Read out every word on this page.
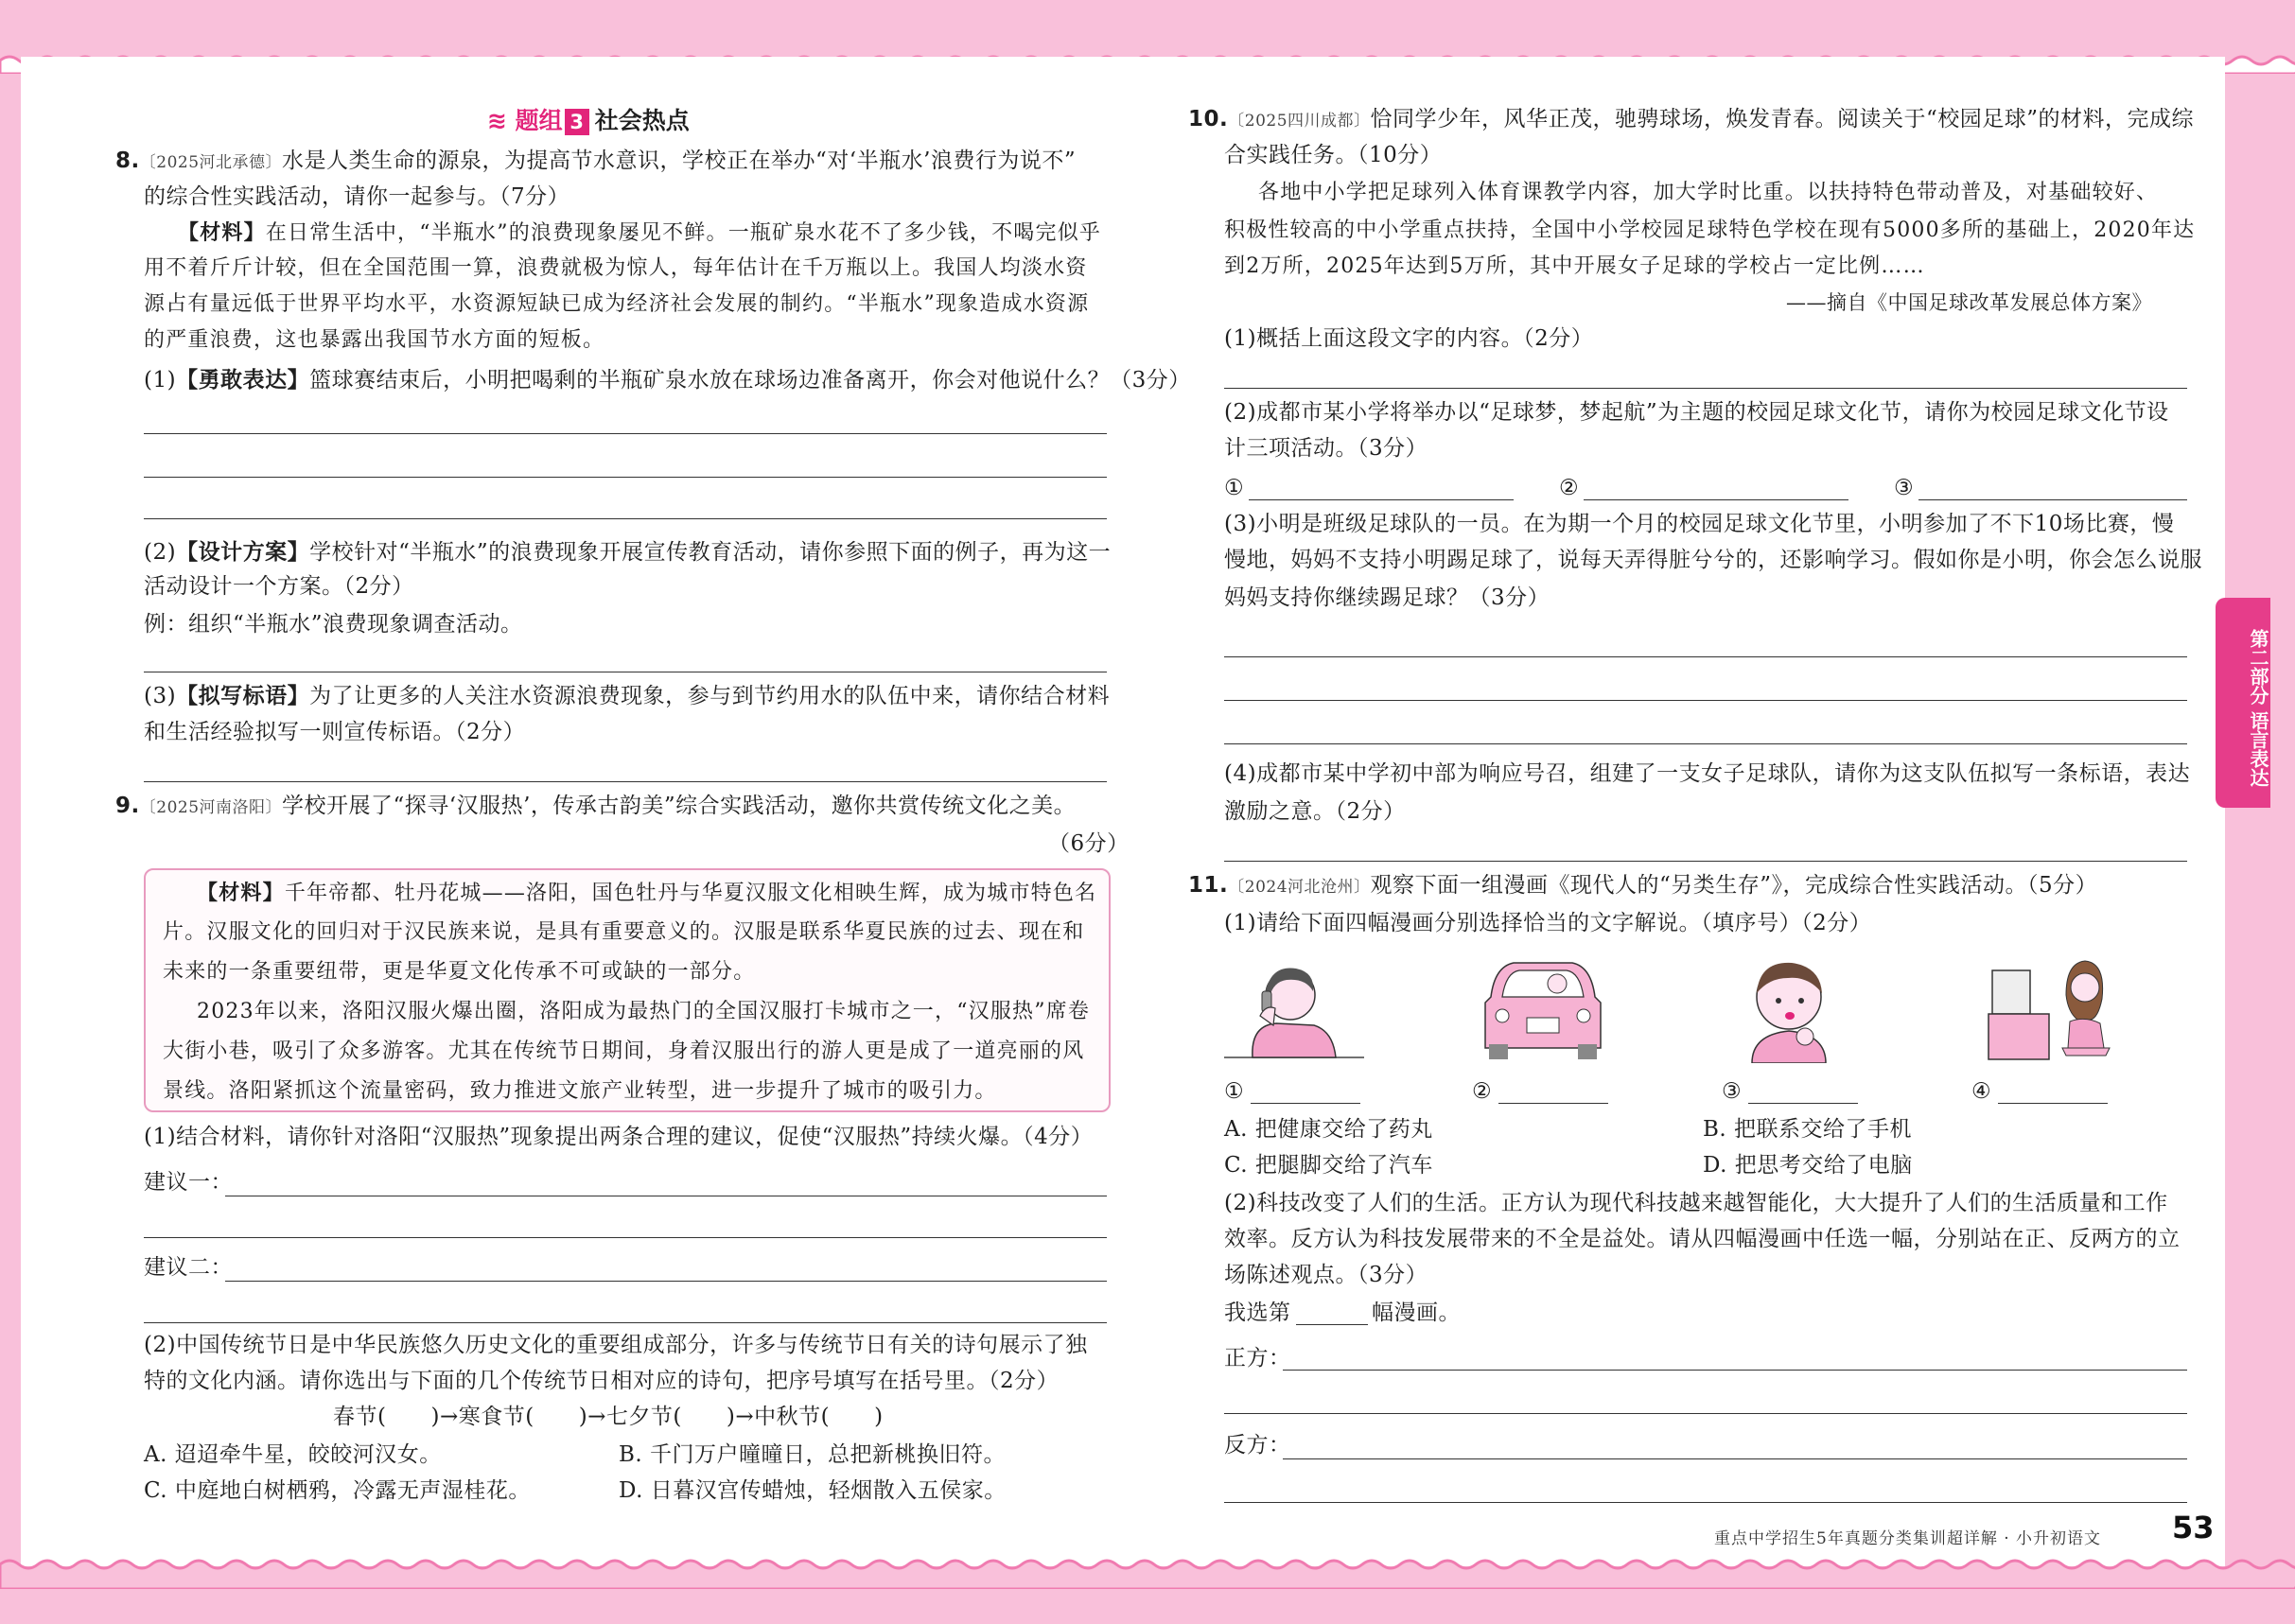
≋ 题组 3 社会热点
8.〔2025河北承德〕水是人类生命的源泉，为提高节水意识，学校正在举办“对‘半瓶水’浪费行为说不”
的综合性实践活动，请你一起参与。（7分）
【材料】在日常生活中，“半瓶水”的浪费现象屡见不鲜。一瓶矿泉水花不了多少钱，不喝完似乎
用不着斤斤计较，但在全国范围一算，浪费就极为惊人，每年估计在千万瓶以上。我国人均淡水资
源占有量远低于世界平均水平，水资源短缺已成为经济社会发展的制约。“半瓶水”现象造成水资源
的严重浪费，这也暴露出我国节水方面的短板。
(1)【勇敢表达】篮球赛结束后，小明把喝剩的半瓶矿泉水放在球场边准备离开，你会对他说什么？（3分）
(2)【设计方案】学校针对“半瓶水”的浪费现象开展宣传教育活动，请你参照下面的例子，再为这一
活动设计一个方案。（2分）
例：组织“半瓶水”浪费现象调查活动。
(3)【拟写标语】为了让更多的人关注水资源浪费现象，参与到节约用水的队伍中来，请你结合材料
和生活经验拟写一则宣传标语。（2分）
9.〔2025河南洛阳〕学校开展了“探寻‘汉服热’，传承古韵美”综合实践活动，邀你共赏传统文化之美。
（6分）
【材料】千年帝都、牡丹花城——洛阳，国色牡丹与华夏汉服文化相映生辉，成为城市特色名
片。汉服文化的回归对于汉民族来说，是具有重要意义的。汉服是联系华夏民族的过去、现在和
未来的一条重要纽带，更是华夏文化传承不可或缺的一部分。
2023年以来，洛阳汉服火爆出圈，洛阳成为最热门的全国汉服打卡城市之一，“汉服热”席卷
大街小巷，吸引了众多游客。尤其在传统节日期间，身着汉服出行的游人更是成了一道亮丽的风
景线。洛阳紧抓这个流量密码，致力推进文旅产业转型，进一步提升了城市的吸引力。
(1)结合材料，请你针对洛阳“汉服热”现象提出两条合理的建议，促使“汉服热”持续火爆。（4分）
建议一：
建议二：
(2)中国传统节日是中华民族悠久历史文化的重要组成部分，许多与传统节日有关的诗句展示了独
特的文化内涵。请你选出与下面的几个传统节日相对应的诗句，把序号填写在括号里。（2分）
春节(　　)→寒食节(　　)→七夕节(　　)→中秋节(　　)
A. 迢迢牵牛星，皎皎河汉女。	B. 千门万户曈曈日，总把新桃换旧符。
C. 中庭地白树栖鸦，冷露无声湿桂花。	D. 日暮汉宫传蜡烛，轻烟散入五侯家。
10.〔2025四川成都〕恰同学少年，风华正茂，驰骋球场，焕发青春。阅读关于“校园足球”的材料，完成综
合实践任务。（10分）
各地中小学把足球列入体育课教学内容，加大学时比重。以扶持特色带动普及，对基础较好、
积极性较高的中小学重点扶持，全国中小学校园足球特色学校在现有5000多所的基础上，2020年达
到2万所，2025年达到5万所，其中开展女子足球的学校占一定比例……
——摘自《中国足球改革发展总体方案》
(1)概括上面这段文字的内容。（2分）
(2)成都市某小学将举办以“足球梦，梦起航”为主题的校园足球文化节，请你为校园足球文化节设
计三项活动。（3分）
①	②	③
(3)小明是班级足球队的一员。在为期一个月的校园足球文化节里，小明参加了不下10场比赛，慢
慢地，妈妈不支持小明踢足球了，说每天弄得脏兮兮的，还影响学习。假如你是小明，你会怎么说服
妈妈支持你继续踢足球？（3分）
(4)成都市某中学初中部为响应号召，组建了一支女子足球队，请你为这支队伍拟写一条标语，表达
激励之意。（2分）
11.〔2024河北沧州〕观察下面一组漫画《现代人的“另类生存”》，完成综合性实践活动。（5分）
(1)请给下面四幅漫画分别选择恰当的文字解说。（填序号）（2分）
①	②	③	④
A. 把健康交给了药丸	B. 把联系交给了手机
C. 把腿脚交给了汽车	D. 把思考交给了电脑
(2)科技改变了人们的生活。正方认为现代科技越来越智能化，大大提升了人们的生活质量和工作
效率。反方认为科技发展带来的不全是益处。请从四幅漫画中任选一幅，分别站在正、反两方的立
场陈述观点。（3分）
我选第	幅漫画。
正方：
反方：
第二部分 语言表达
重点中学招生5年真题分类集训超详解 · 小升初语文 53
